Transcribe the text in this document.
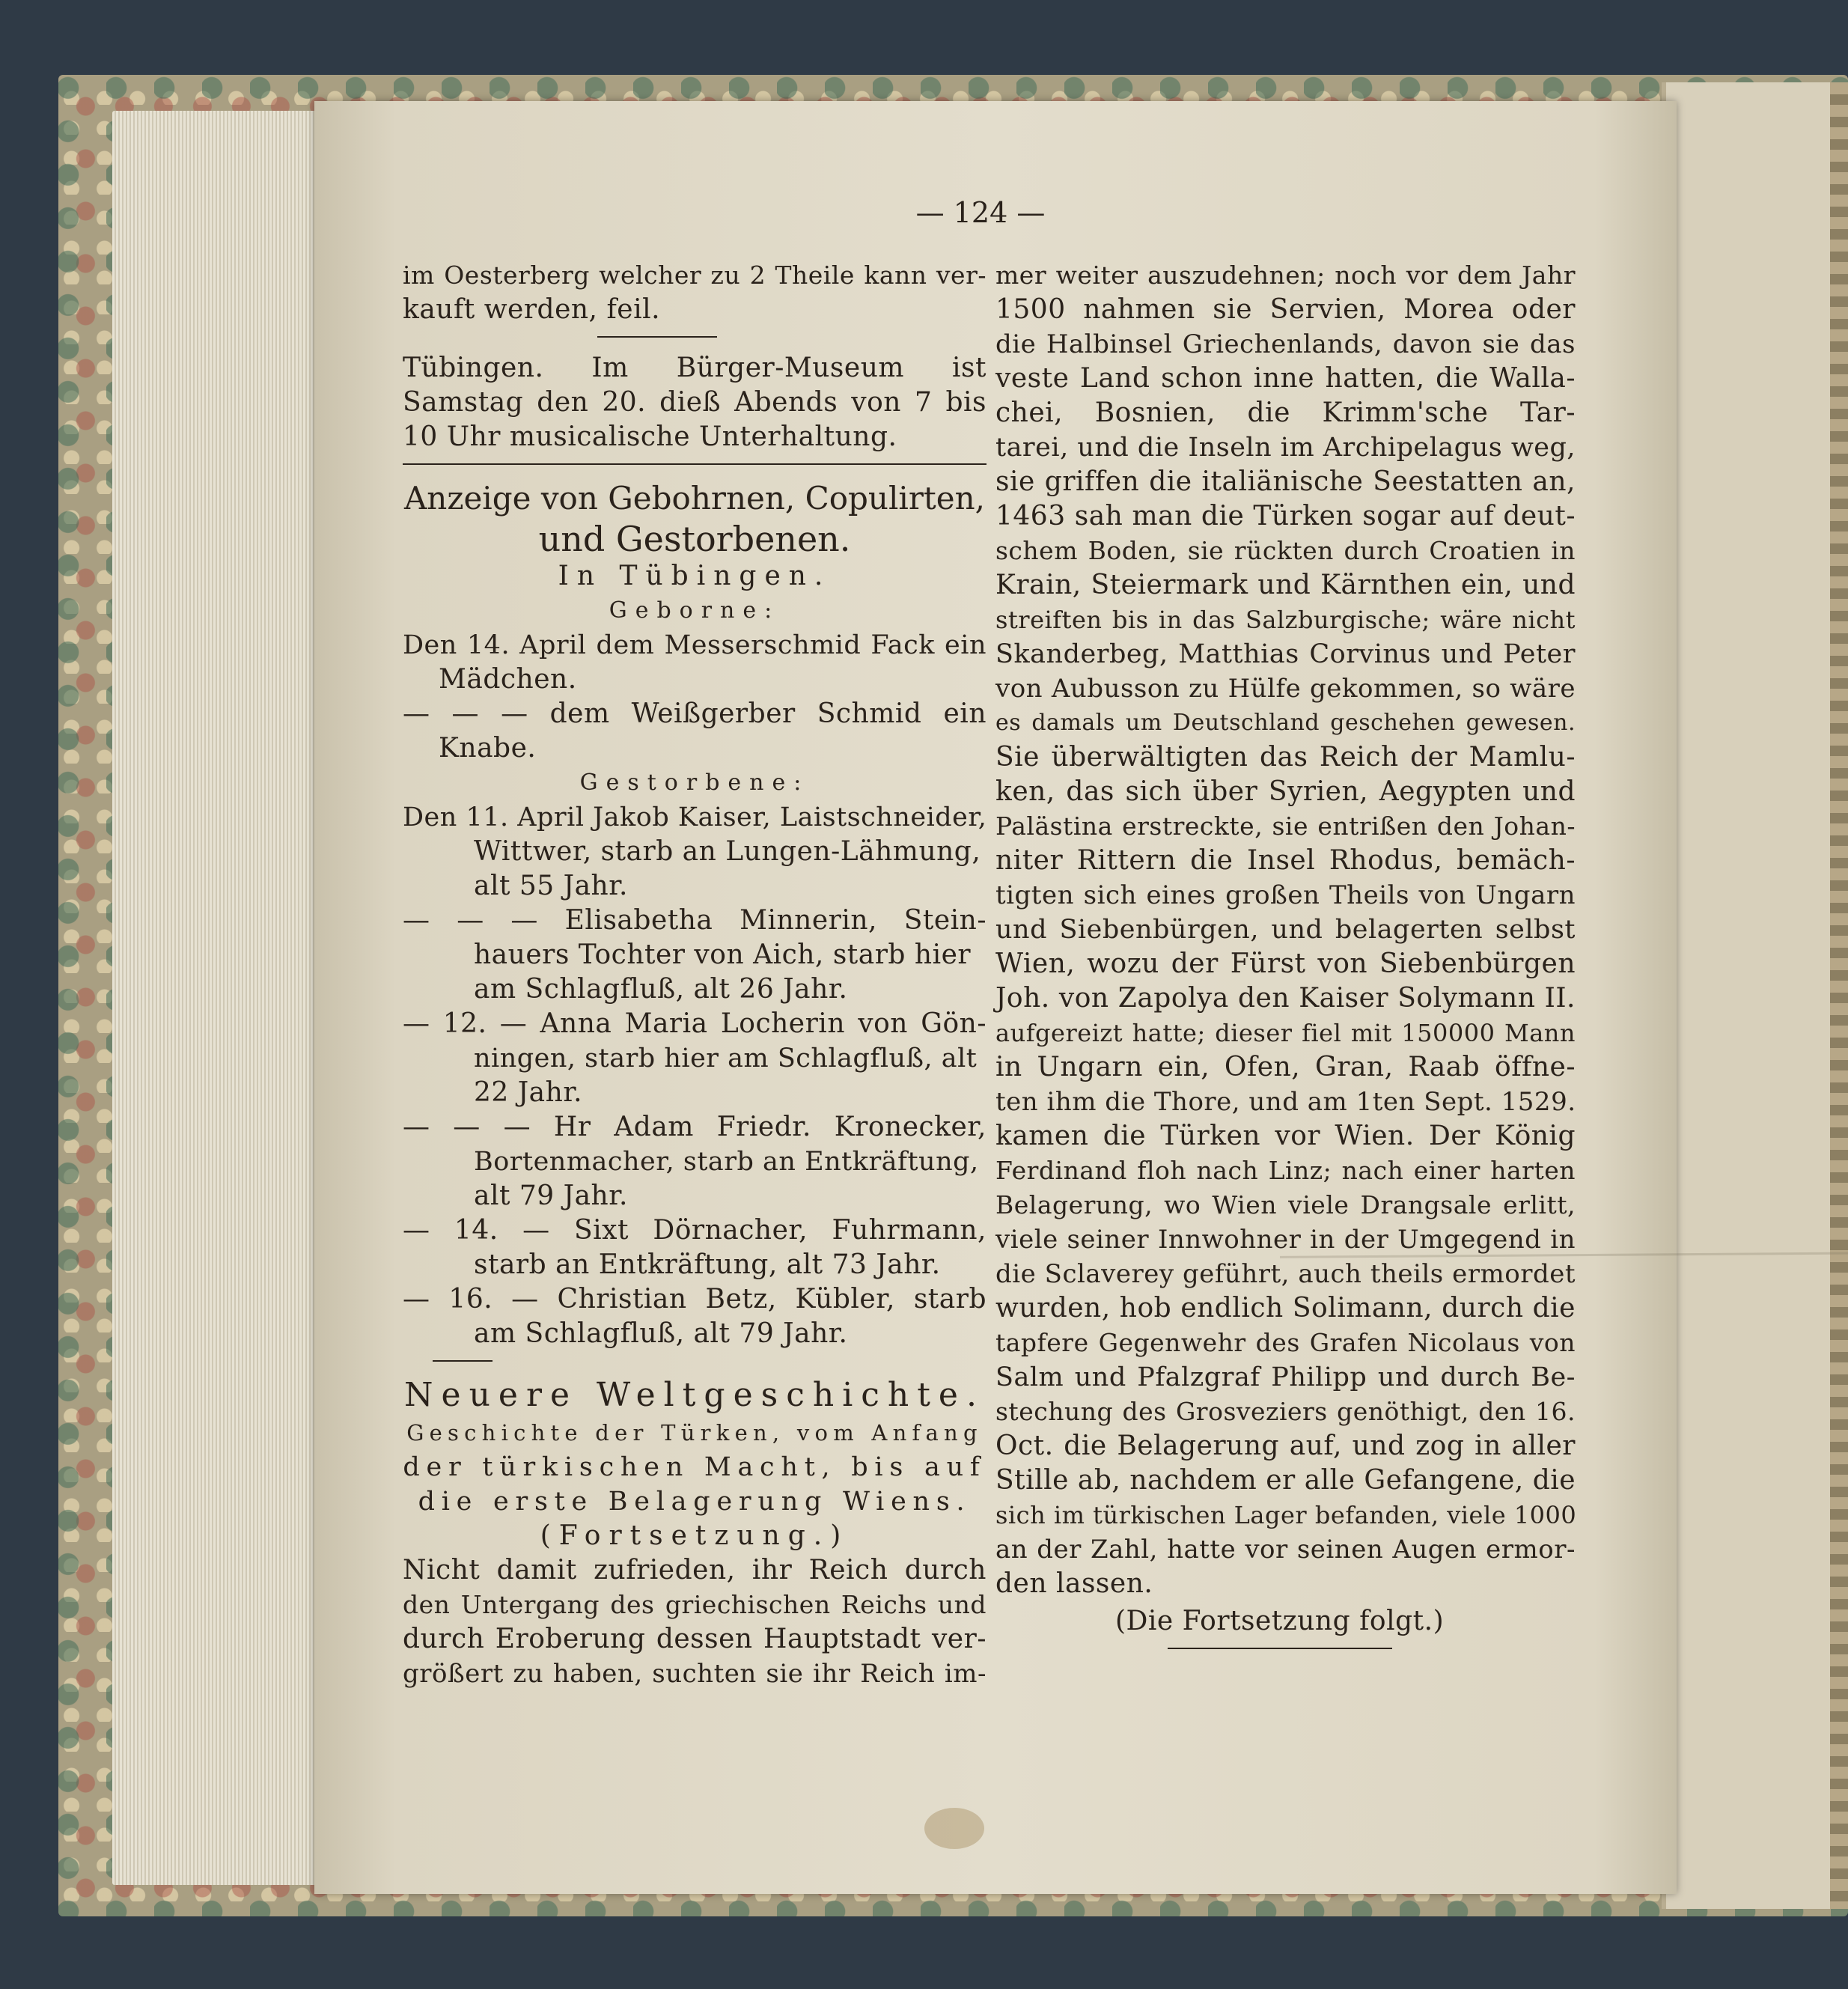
— 124 —
im Oesterberg welcher zu 2 Theile kann ver-
kauft werden, feil.
Tübingen. Im Bürger-Museum ist
Samstag den 20. dieß Abends von 7 bis
10 Uhr musicalische Unterhaltung.
Anzeige von Gebohrnen, Copulirten,
und Gestorbenen.
In Tübingen.
Geborne:
Den 14. April dem Messerschmid Fack ein
Mädchen.
— — — dem Weißgerber Schmid ein
Knabe.
Gestorbene:
Den 11. April Jakob Kaiser, Laistschneider,
Wittwer, starb an Lungen-Lähmung,
alt 55 Jahr.
— — — Elisabetha Minnerin, Stein-
hauers Tochter von Aich, starb hier
am Schlagfluß, alt 26 Jahr.
— 12. — Anna Maria Locherin von Gön-
ningen, starb hier am Schlagfluß, alt
22 Jahr.
— — — Hr Adam Friedr. Kronecker,
Bortenmacher, starb an Entkräftung,
alt 79 Jahr.
— 14. — Sixt Dörnacher, Fuhrmann,
starb an Entkräftung, alt 73 Jahr.
— 16. — Christian Betz, Kübler, starb
am Schlagfluß, alt 79 Jahr.
Neuere Weltgeschichte.
Geschichte der Türken, vom Anfang
der türkischen Macht, bis auf
die erste Belagerung Wiens.
(Fortsetzung.)
Nicht damit zufrieden, ihr Reich durch
den Untergang des griechischen Reichs und
durch Eroberung dessen Hauptstadt ver-
größert zu haben, suchten sie ihr Reich im-
mer weiter auszudehnen; noch vor dem Jahr
1500 nahmen sie Servien, Morea oder
die Halbinsel Griechenlands, davon sie das
veste Land schon inne hatten, die Walla-
chei, Bosnien, die Krimm'sche Tar-
tarei, und die Inseln im Archipelagus weg,
sie griffen die italiänische Seestatten an,
1463 sah man die Türken sogar auf deut-
schem Boden, sie rückten durch Croatien in
Krain, Steiermark und Kärnthen ein, und
streiften bis in das Salzburgische; wäre nicht
Skanderbeg, Matthias Corvinus und Peter
von Aubusson zu Hülfe gekommen, so wäre
es damals um Deutschland geschehen gewesen.
Sie überwältigten das Reich der Mamlu-
ken, das sich über Syrien, Aegypten und
Palästina erstreckte, sie entrißen den Johan-
niter Rittern die Insel Rhodus, bemäch-
tigten sich eines großen Theils von Ungarn
und Siebenbürgen, und belagerten selbst
Wien, wozu der Fürst von Siebenbürgen
Joh. von Zapolya den Kaiser Solymann II.
aufgereizt hatte; dieser fiel mit 150000 Mann
in Ungarn ein, Ofen, Gran, Raab öffne-
ten ihm die Thore, und am 1ten Sept. 1529.
kamen die Türken vor Wien. Der König
Ferdinand floh nach Linz; nach einer harten
Belagerung, wo Wien viele Drangsale erlitt,
viele seiner Innwohner in der Umgegend in
die Sclaverey geführt, auch theils ermordet
wurden, hob endlich Solimann, durch die
tapfere Gegenwehr des Grafen Nicolaus von
Salm und Pfalzgraf Philipp und durch Be-
stechung des Grosveziers genöthigt, den 16.
Oct. die Belagerung auf, und zog in aller
Stille ab, nachdem er alle Gefangene, die
sich im türkischen Lager befanden, viele 1000
an der Zahl, hatte vor seinen Augen ermor-
den lassen.
(Die Fortsetzung folgt.)
